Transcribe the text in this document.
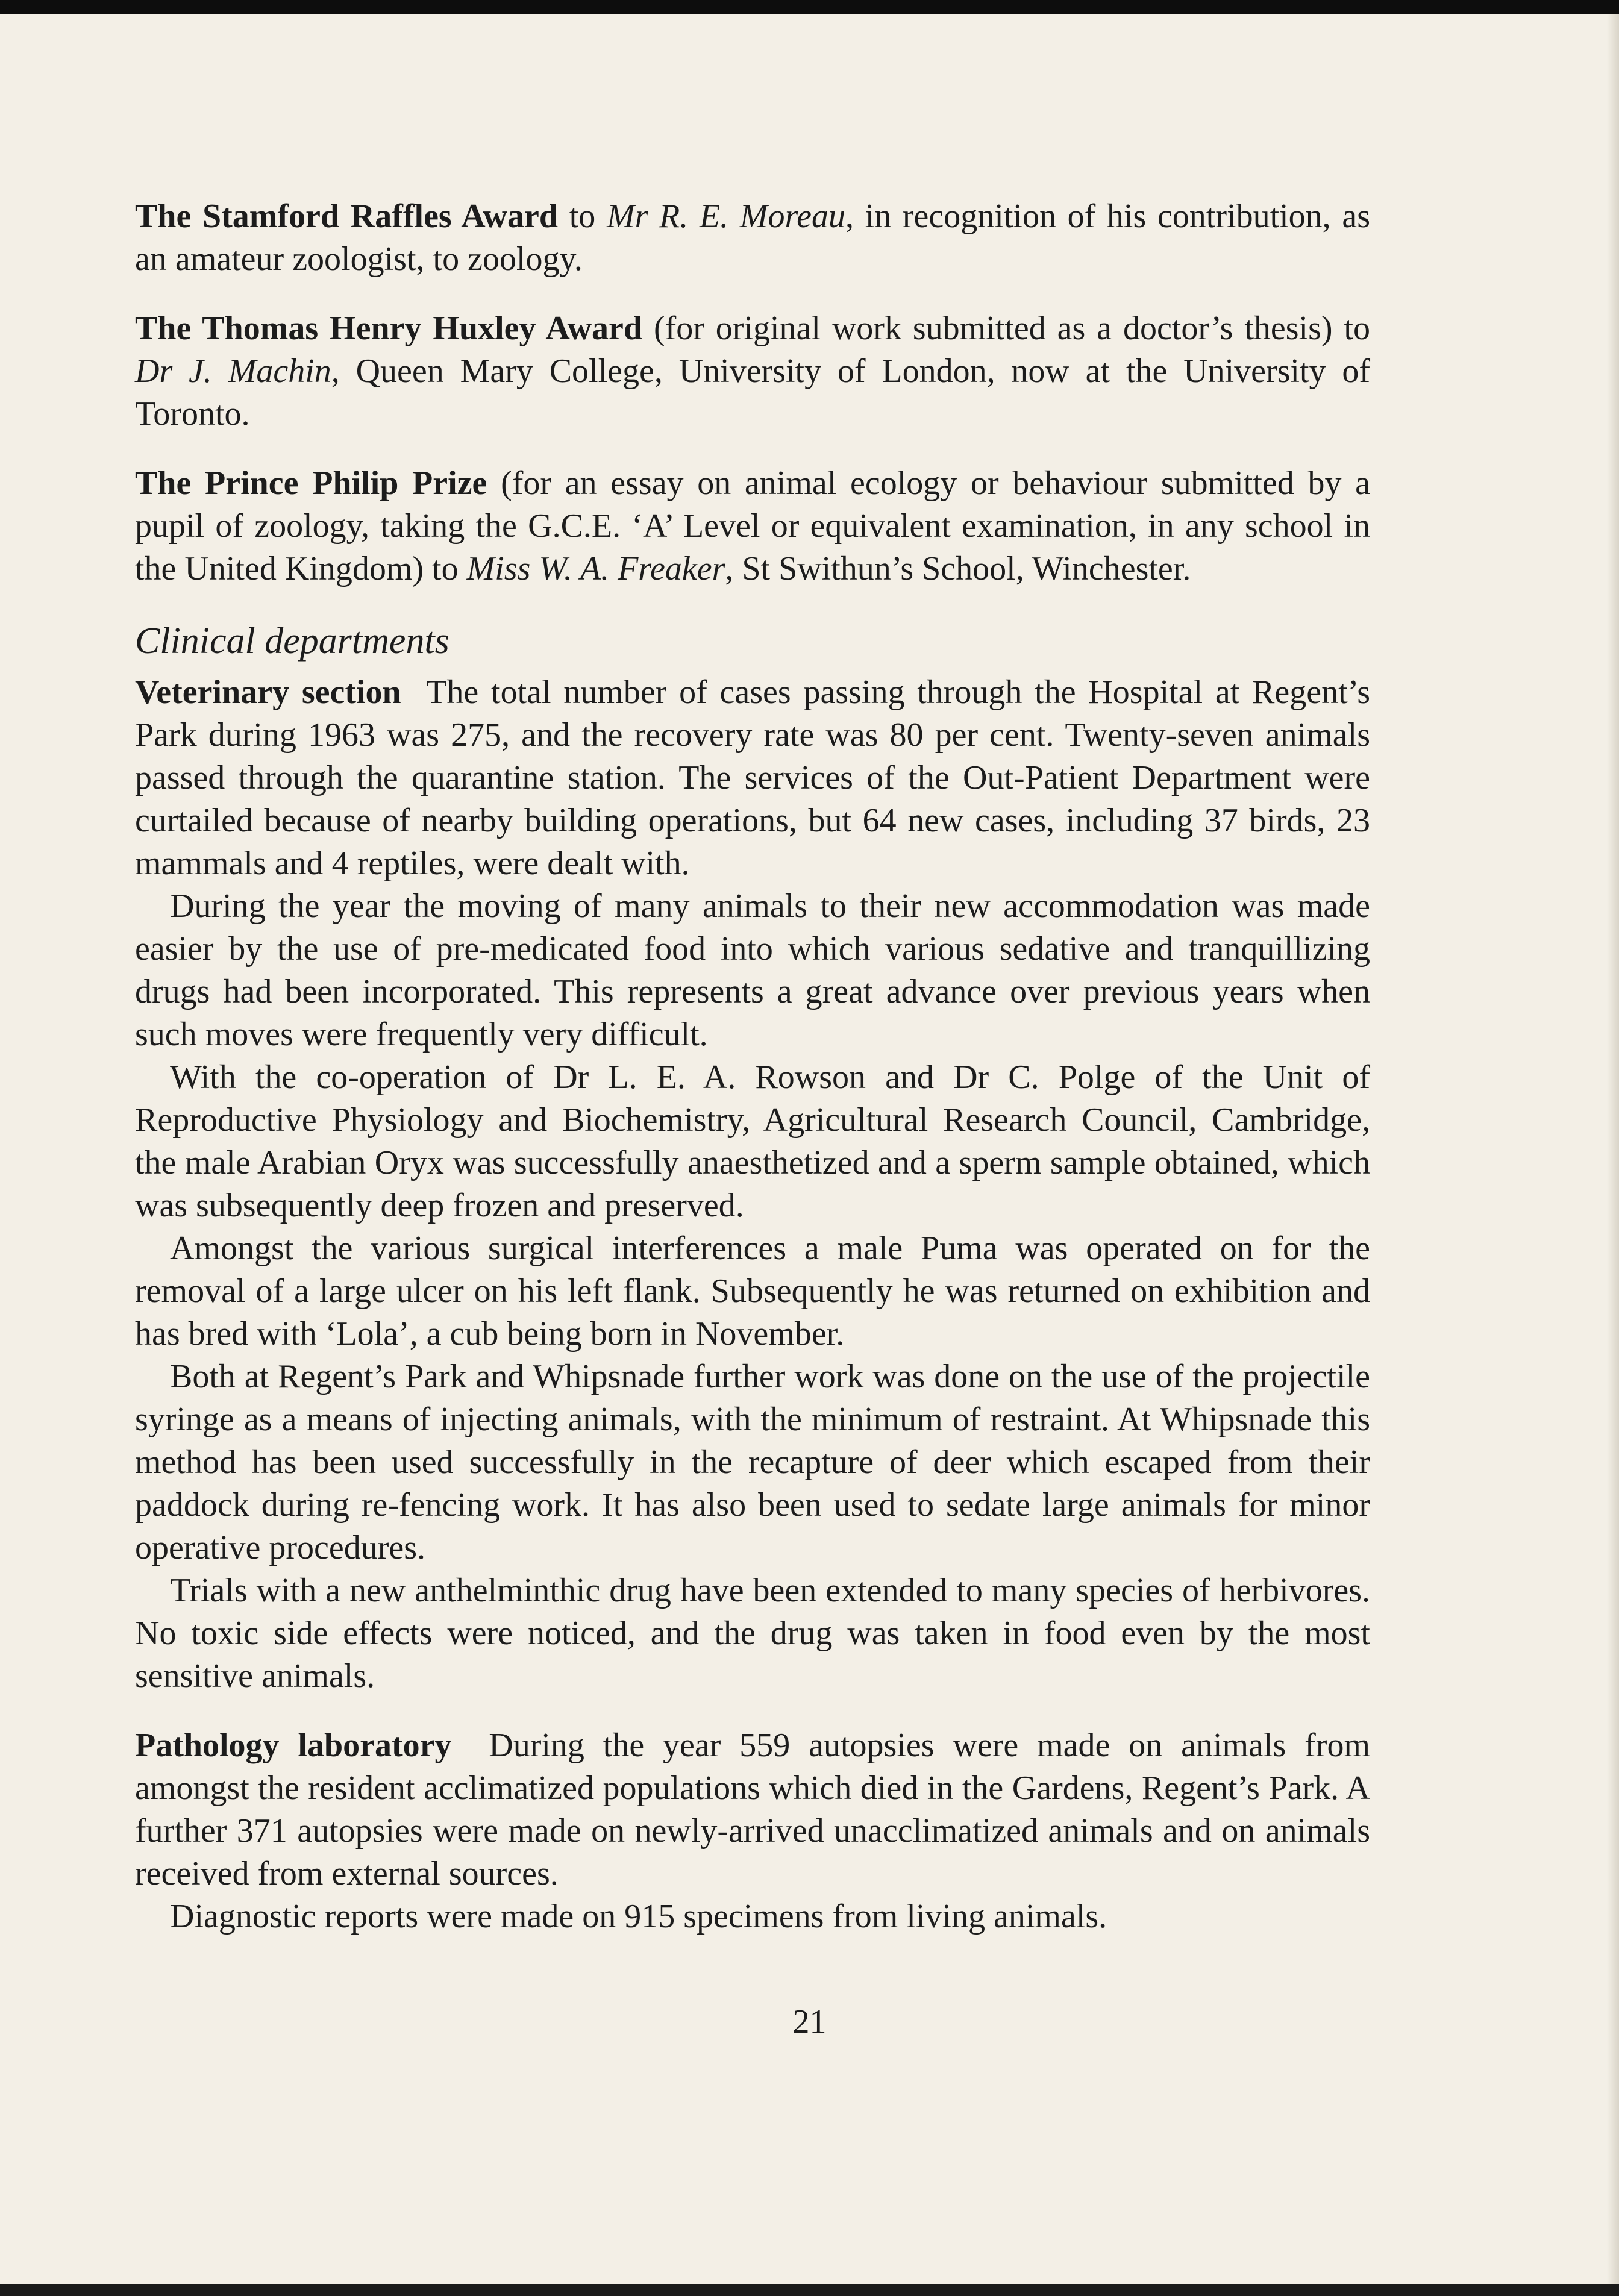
The Stamford Raffles Award to Mr R. E. Moreau, in recognition of his contribution, as an amateur zoologist, to zoology.

The Thomas Henry Huxley Award (for original work submitted as a doctor’s thesis) to Dr J. Machin, Queen Mary College, University of London, now at the University of Toronto.

The Prince Philip Prize (for an essay on animal ecology or behaviour submitted by a pupil of zoology, taking the G.C.E. ‘A’ Level or equivalent examination, in any school in the United Kingdom) to Miss W. A. Freaker, St Swithun’s School, Winchester.

Clinical departments

Veterinary section The total number of cases passing through the Hospital at Regent’s Park during 1963 was 275, and the recovery rate was 80 per cent. Twenty-seven animals passed through the quarantine station. The services of the Out-Patient Department were curtailed because of nearby building operations, but 64 new cases, including 37 birds, 23 mammals and 4 reptiles, were dealt with.

During the year the moving of many animals to their new accommodation was made easier by the use of pre-medicated food into which various sedative and tranquillizing drugs had been incorporated. This represents a great advance over previous years when such moves were frequently very difficult.

With the co-operation of Dr L. E. A. Rowson and Dr C. Polge of the Unit of Reproductive Physiology and Biochemistry, Agricultural Research Council, Cambridge, the male Arabian Oryx was successfully anaesthetized and a sperm sample obtained, which was subsequently deep frozen and preserved.

Amongst the various surgical interferences a male Puma was operated on for the removal of a large ulcer on his left flank. Subsequently he was returned on exhibition and has bred with ‘Lola’, a cub being born in November.

Both at Regent’s Park and Whipsnade further work was done on the use of the projectile syringe as a means of injecting animals, with the minimum of restraint. At Whipsnade this method has been used successfully in the recapture of deer which escaped from their paddock during re-fencing work. It has also been used to sedate large animals for minor operative procedures.

Trials with a new anthelminthic drug have been extended to many species of herbivores. No toxic side effects were noticed, and the drug was taken in food even by the most sensitive animals.

Pathology laboratory During the year 559 autopsies were made on animals from amongst the resident acclimatized populations which died in the Gardens, Regent’s Park. A further 371 autopsies were made on newly-arrived unacclimatized animals and on animals received from external sources.

Diagnostic reports were made on 915 specimens from living animals.

21
